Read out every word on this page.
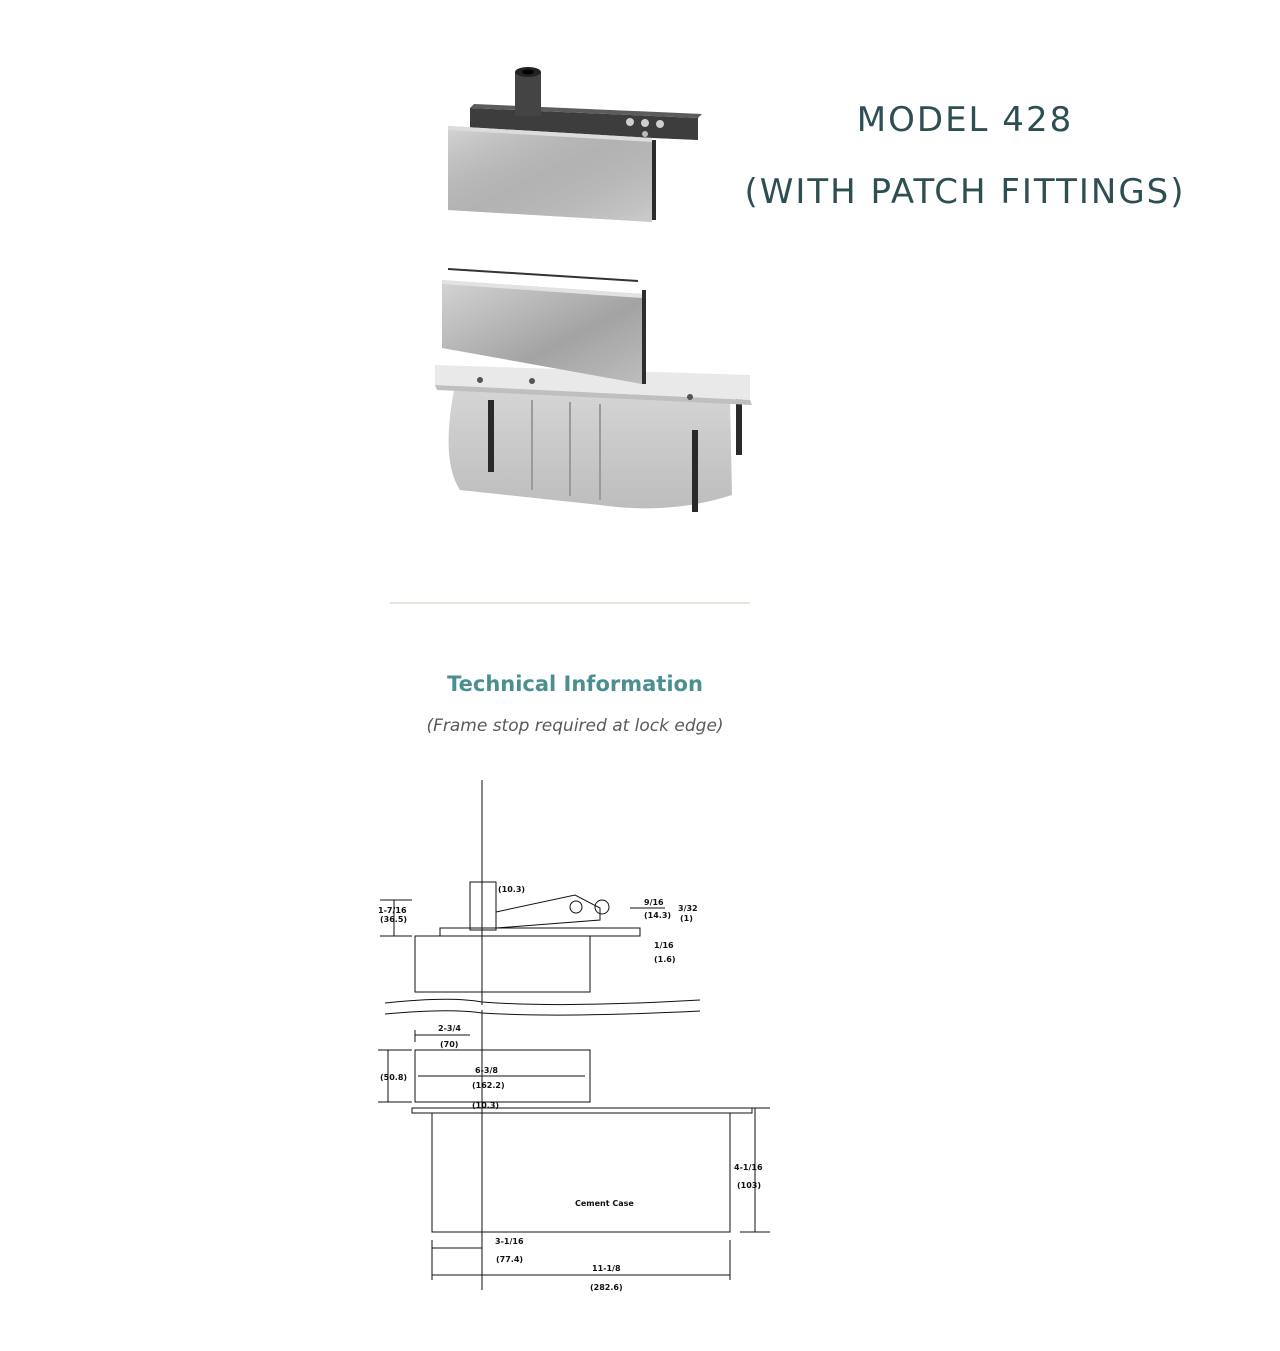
MODEL 428
(WITH PATCH FITTINGS)
Technical Information
(Frame stop required at lock edge)
1-7/16
(36.5)
(10.3)
9/16
(14.3)
3/32
(1)
1/16
(1.6)
2-3/4
(70)
6-3/8
(162.2)
(50.8)
(10.3)
Cement Case
4-1/16
(103)
3-1/16
(77.4)
11-1/8
(282.6)
